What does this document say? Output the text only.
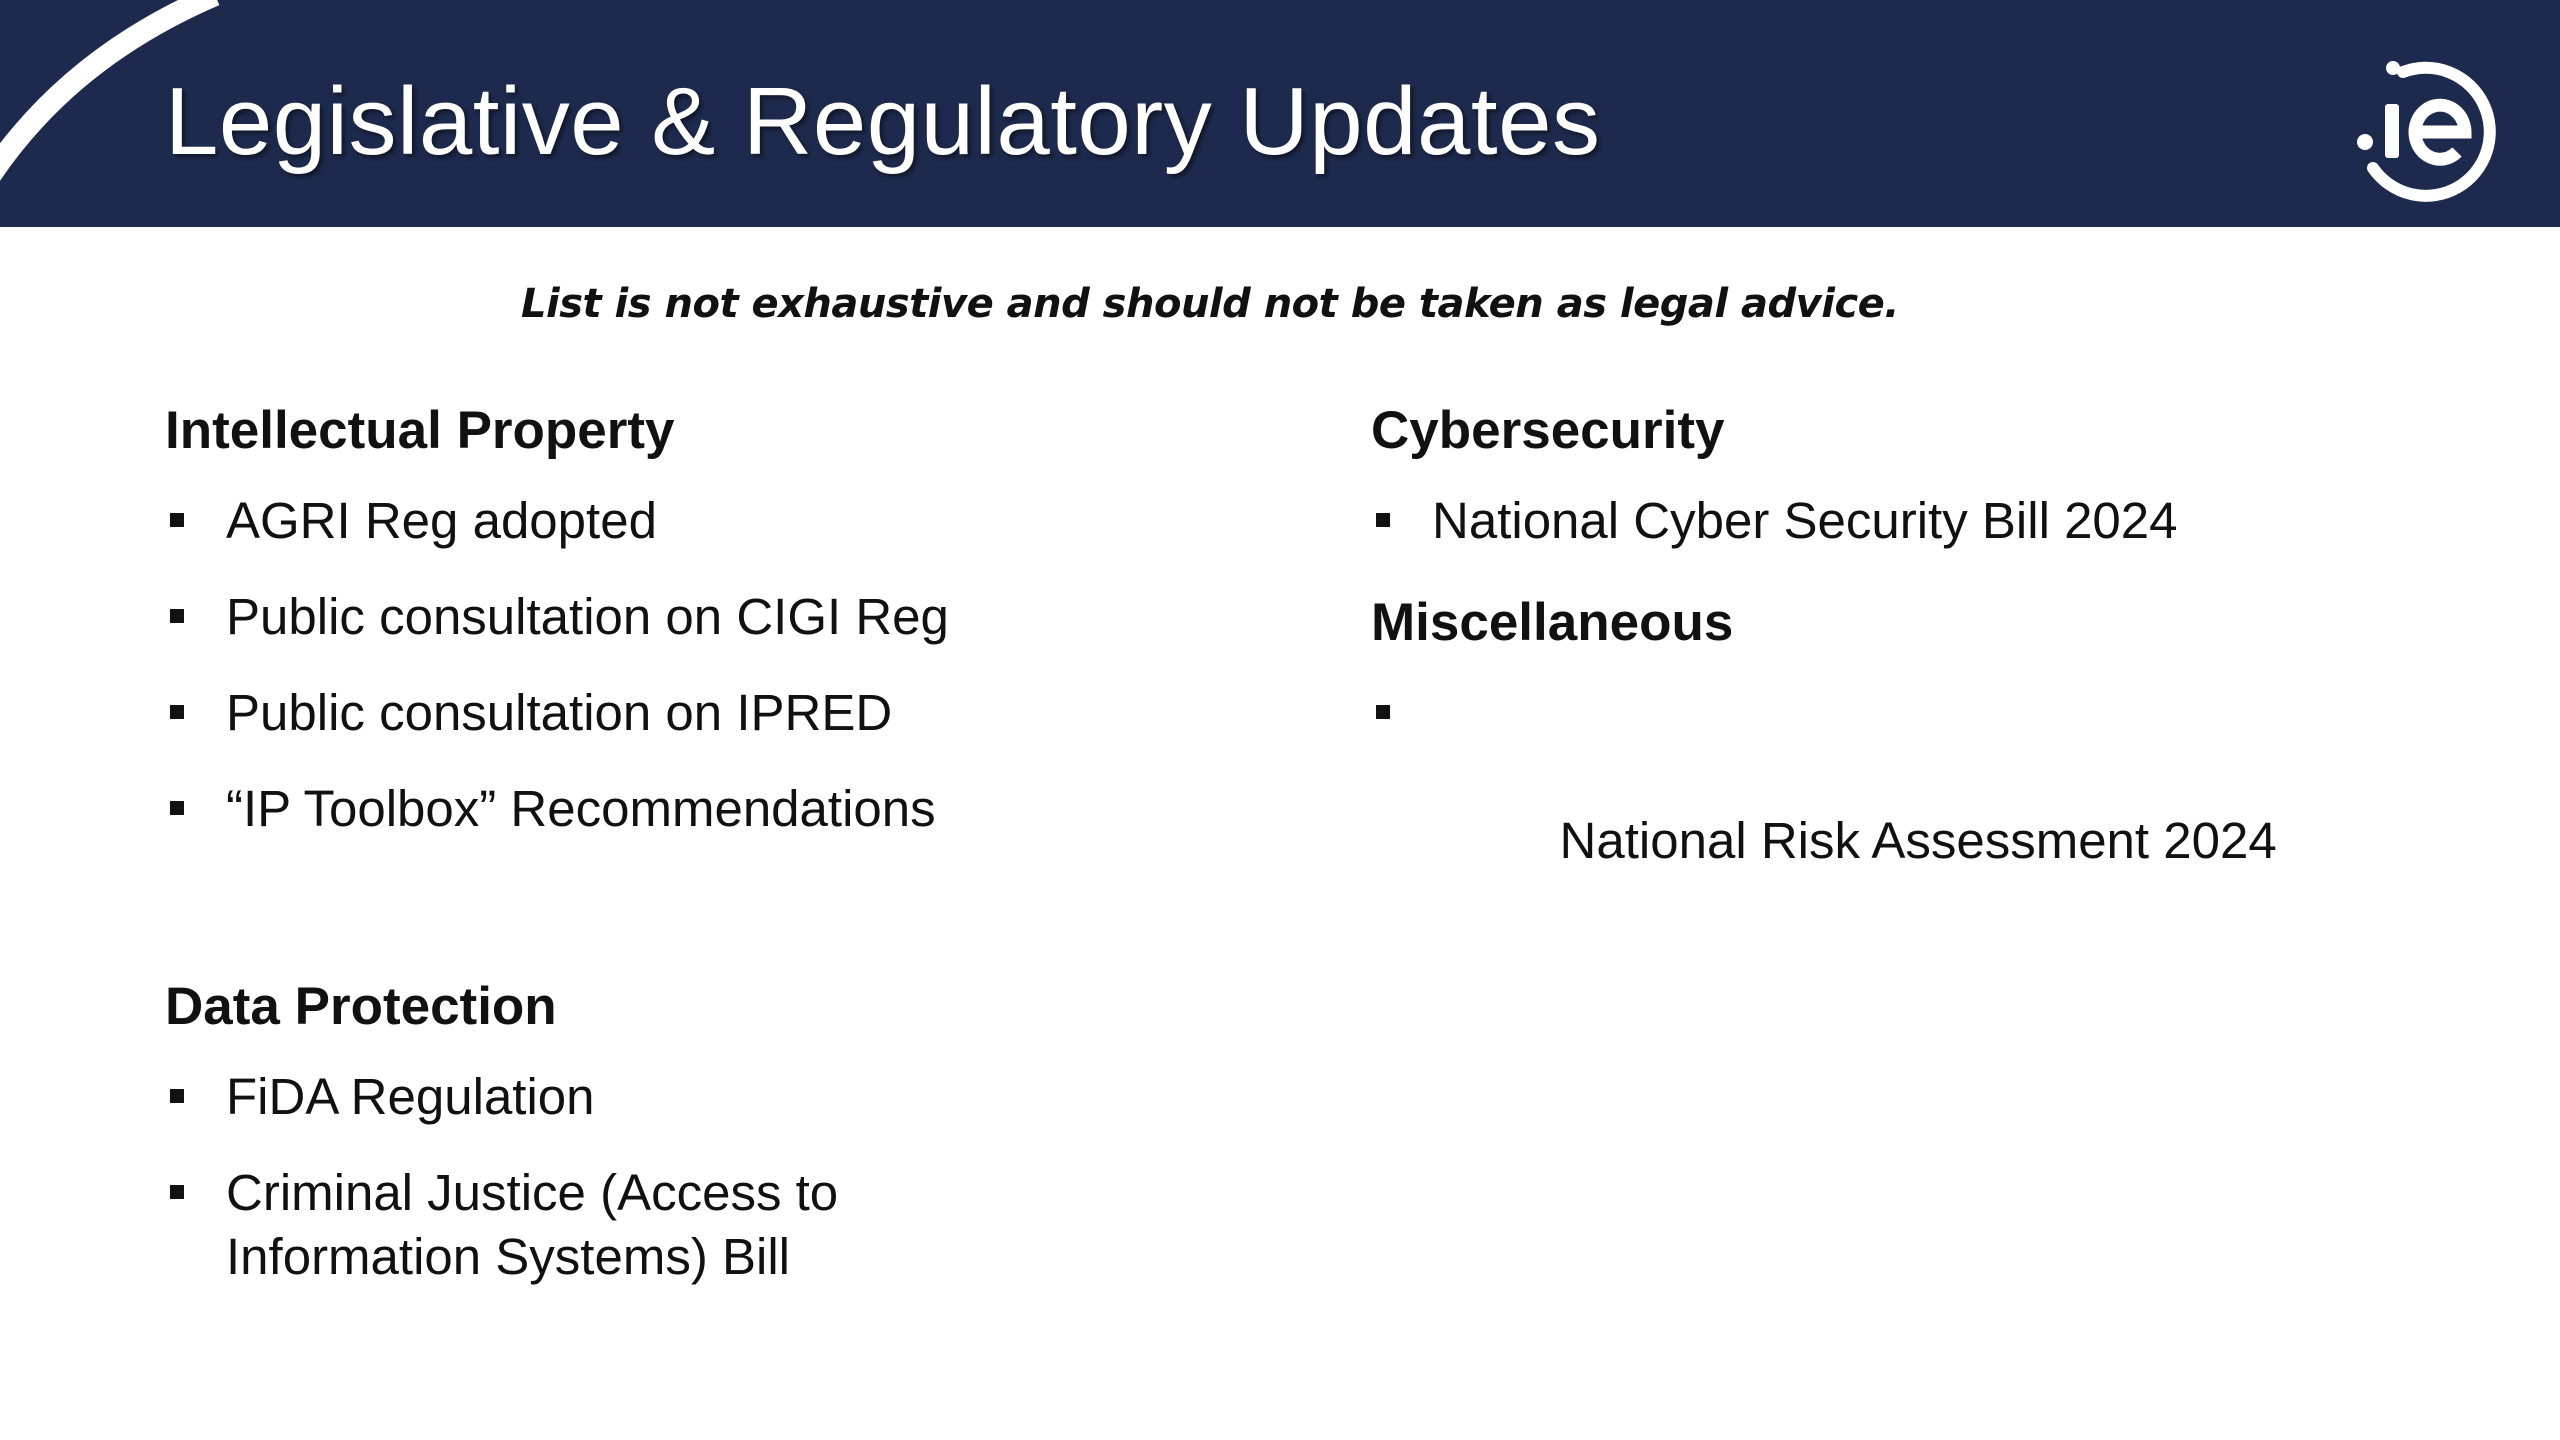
Legislative & Regulatory Updates
List is not exhaustive and should not be taken as legal advice.
Intellectual Property
AGRI Reg adopted
Public consultation on CIGI Reg
Public consultation on IPRED
“IP Toolbox” Recommendations
Data Protection
FiDA Regulation
Criminal Justice (Access to Information Systems) Bill
Cybersecurity
National Cyber Security Bill 2024
Miscellaneous

National Risk Assessment 2024
